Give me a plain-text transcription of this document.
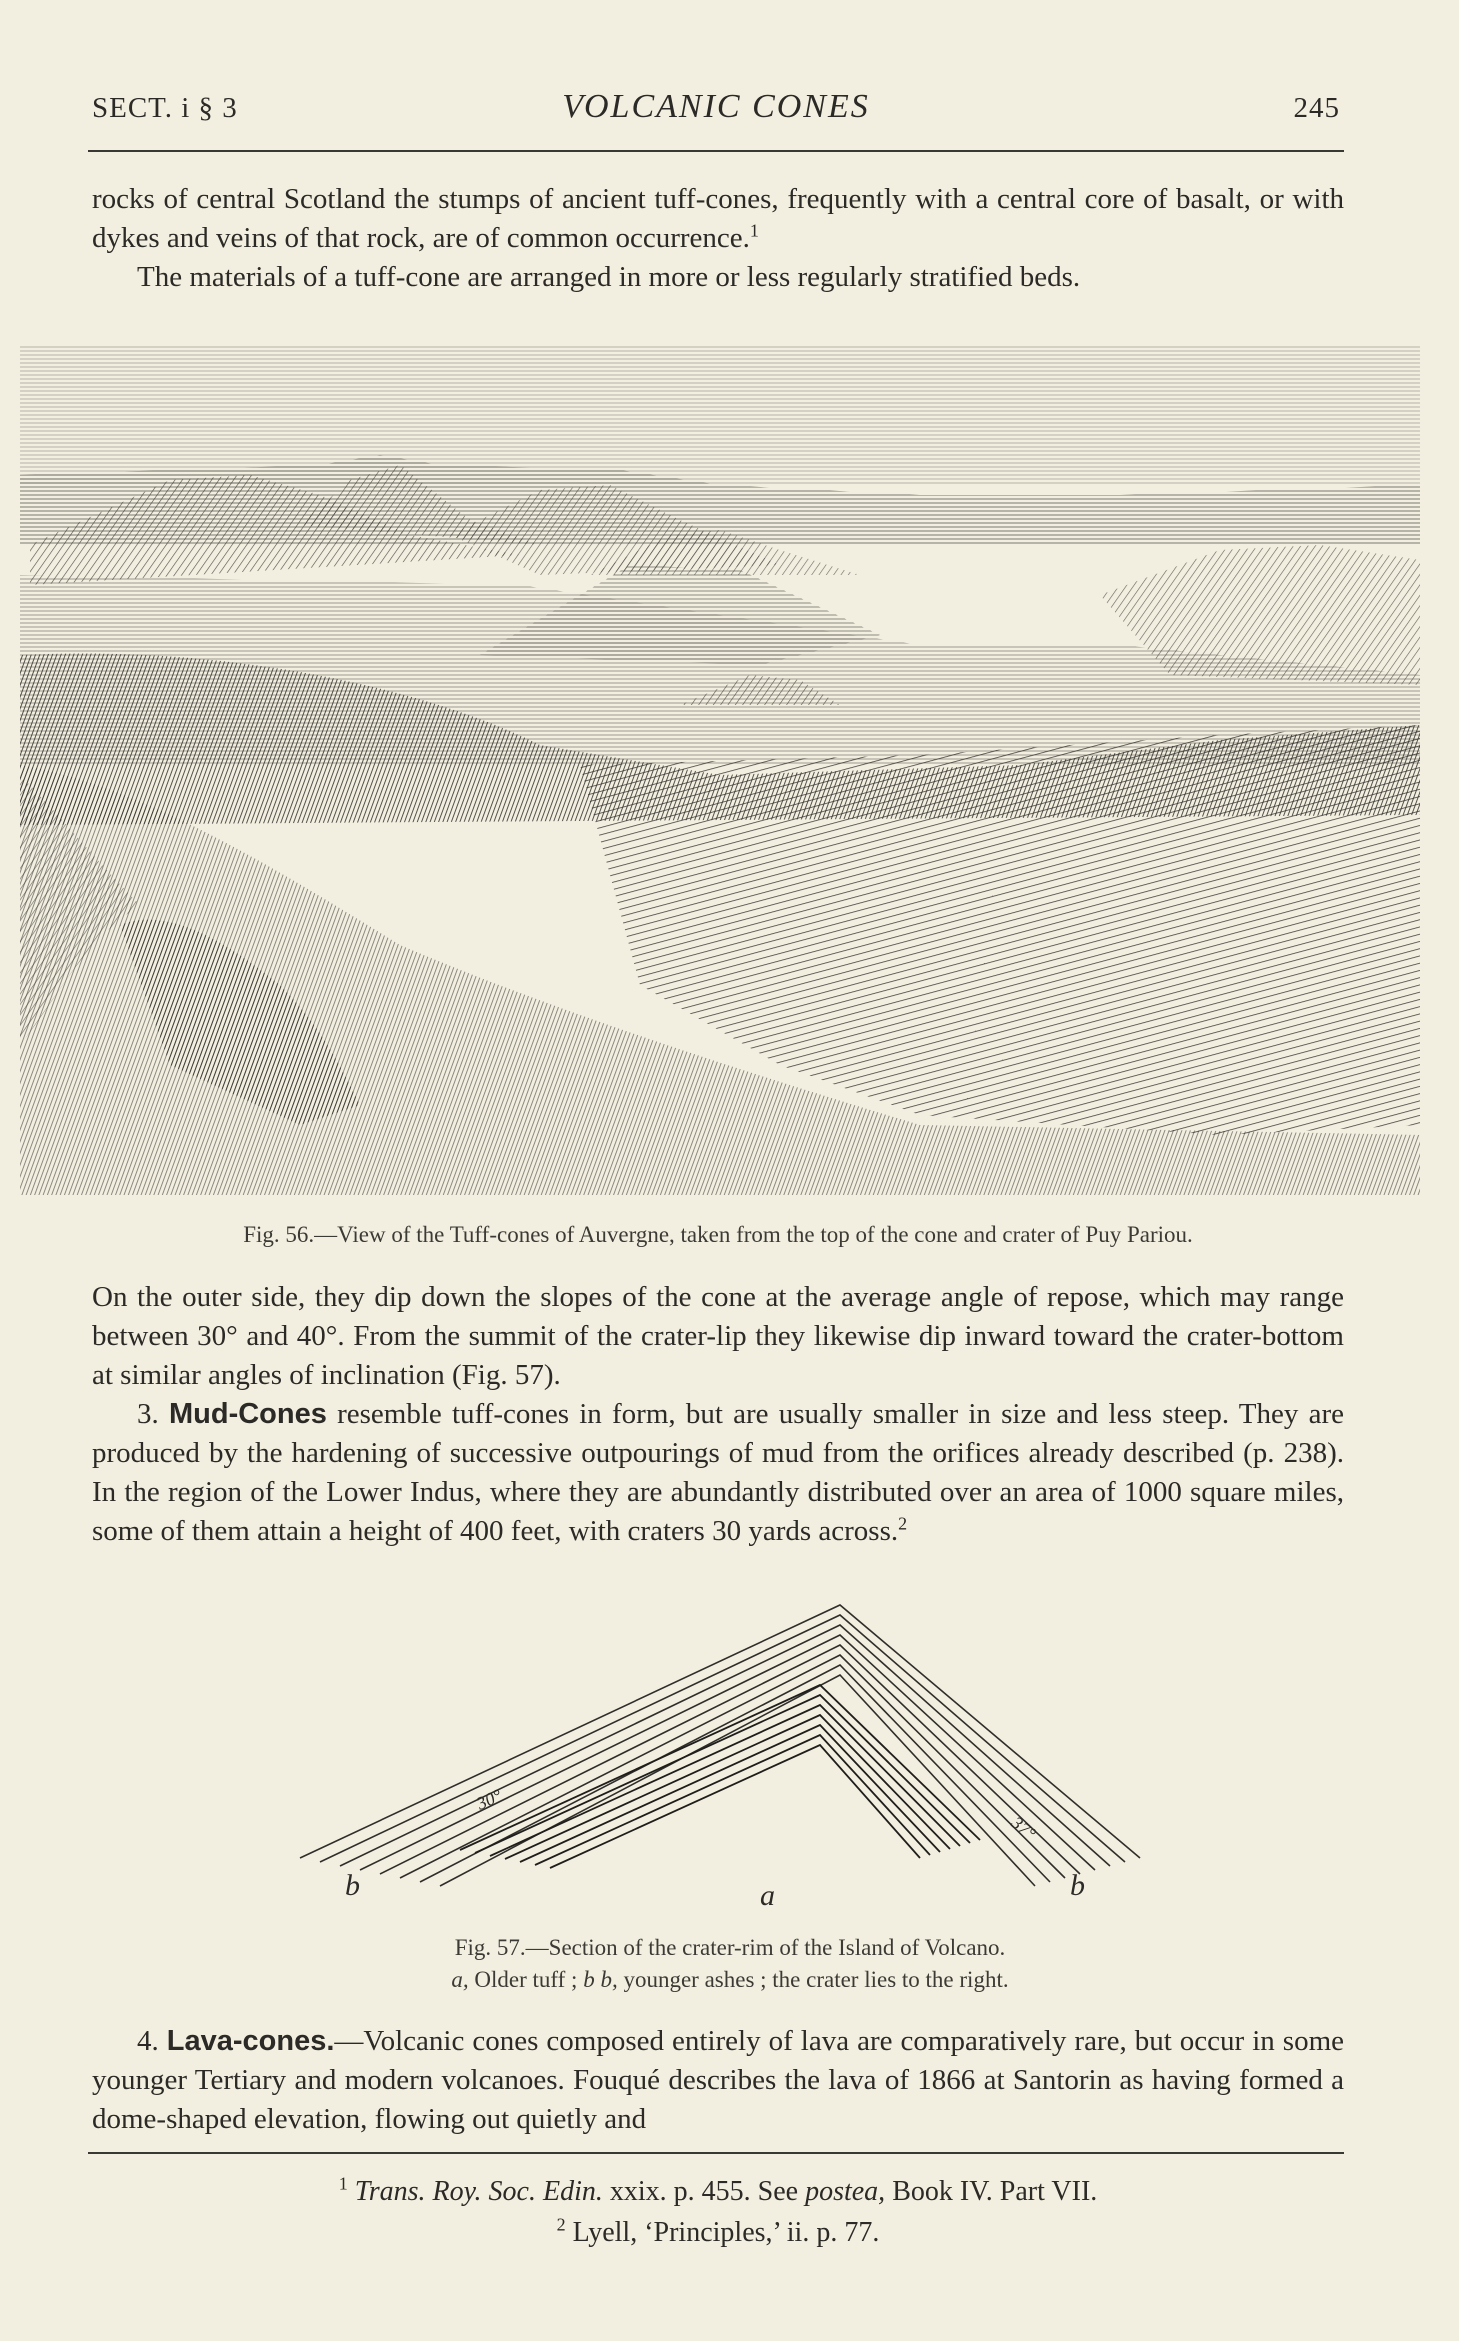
SECT. i § 3	VOLCANIC CONES	245
rocks of central Scotland the stumps of ancient tuff-cones, frequently with a central core of basalt, or with dykes and veins of that rock, are of common occurrence.$^1$
The materials of a tuff-cone are arranged in more or less regularly stratified beds.
Fig. 56.—View of the Tuff-cones of Auvergne, taken from the top of the cone and crater of Puy Pariou.
On the outer side, they dip down the slopes of the cone at the average angle of repose, which may range between 30° and 40°. From the summit of the crater-lip they likewise dip inward toward the crater-bottom at similar angles of inclination (Fig. 57).
3. Mud-Cones resemble tuff-cones in form, but are usually smaller in size and less steep. They are produced by the hardening of successive outpourings of mud from the orifices already described (p. 238). In the region of the Lower Indus, where they are abundantly distributed over an area of 1000 square miles, some of them attain a height of 400 feet, with craters 30 yards across.$^2$
30°
37°
b	a	b
Fig. 57.—Section of the crater-rim of the Island of Volcano.
a, Older tuff ; b b, younger ashes ; the crater lies to the right.
4. Lava-cones.—Volcanic cones composed entirely of lava are comparatively rare, but occur in some younger Tertiary and modern volcanoes. Fouqué describes the lava of 1866 at Santorin as having formed a dome-shaped elevation, flowing out quietly and
$^1$ Trans. Roy. Soc. Edin. xxix. p. 455. See postea, Book IV. Part VII.
$^2$ Lyell, ‘Principles,’ ii. p. 77.
